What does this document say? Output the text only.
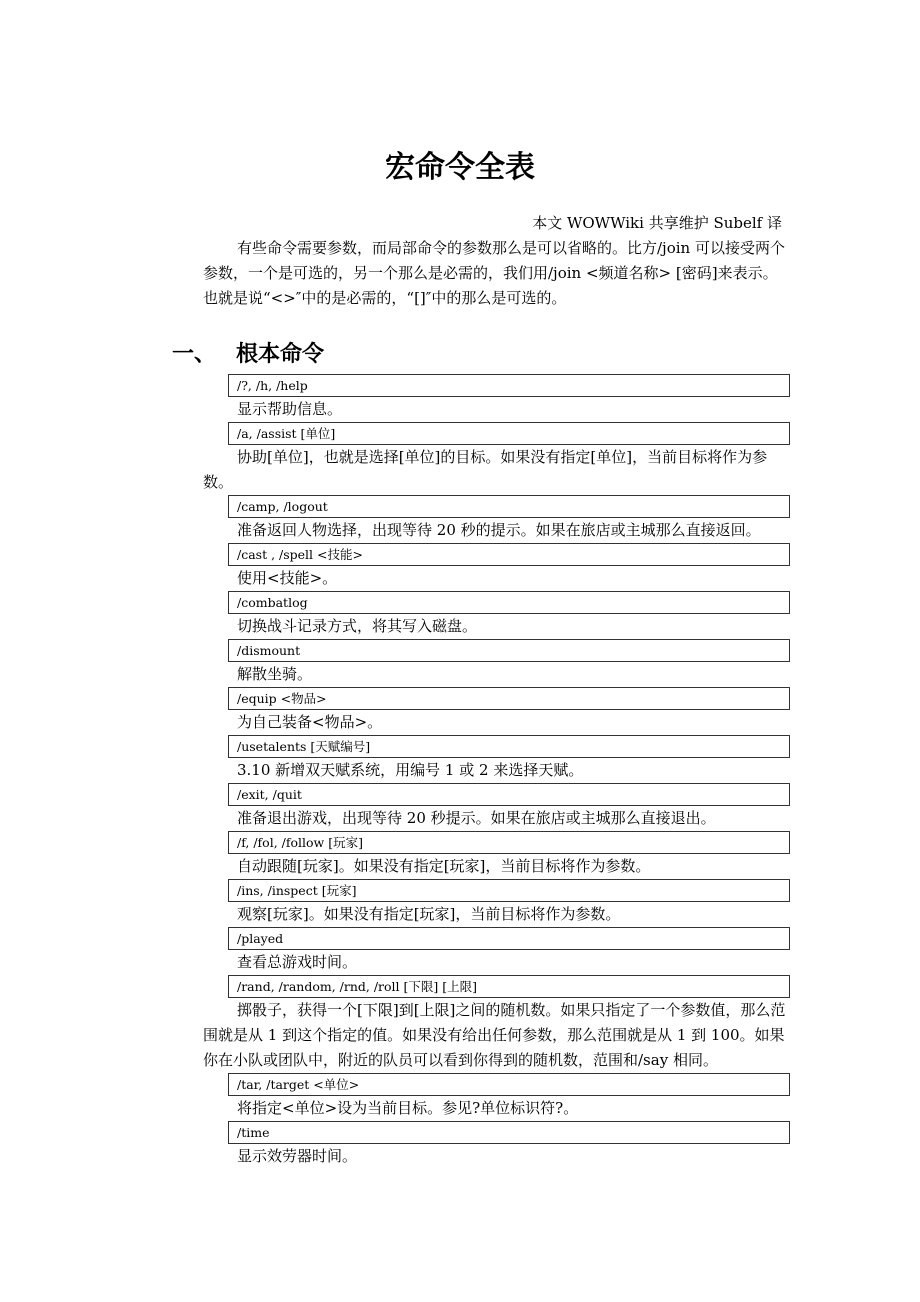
宏命令全表
本文 WOWWiki 共享维护 Subelf 译
有些命令需要参数，而局部命令的参数那么是可以省略的。比方/join 可以接受两个参数，一个是可选的，另一个那么是必需的，我们用/join <频道名称> [密码]来表示。也就是说“<>″中的是必需的，“[]″中的那么是可选的。
一、 根本命令
/?, /h, /help
显示帮助信息。
/a, /assist [单位]
协助[单位]，也就是选择[单位]的目标。如果没有指定[单位]，当前目标将作为参数。
/camp, /logout
准备返回人物选择，出现等待 20 秒的提示。如果在旅店或主城那么直接返回。
/cast , /spell <技能>
使用<技能>。
/combatlog
切换战斗记录方式，将其写入磁盘。
/dismount
解散坐骑。
/equip <物品>
为自己装备<物品>。
/usetalents [天赋编号]
3.10 新增双天赋系统，用编号 1 或 2 来选择天赋。
/exit, /quit
准备退出游戏，出现等待 20 秒提示。如果在旅店或主城那么直接退出。
/f, /fol, /follow [玩家]
自动跟随[玩家]。如果没有指定[玩家]，当前目标将作为参数。
/ins, /inspect [玩家]
观察[玩家]。如果没有指定[玩家]，当前目标将作为参数。
/played
查看总游戏时间。
/rand, /random, /rnd, /roll [下限] [上限]
掷骰子，获得一个[下限]到[上限]之间的随机数。如果只指定了一个参数值，那么范围就是从 1 到这个指定的值。如果没有给出任何参数，那么范围就是从 1 到 100。如果你在小队或团队中，附近的队员可以看到你得到的随机数，范围和/say 相同。
/tar, /target <单位>
将指定<单位>设为当前目标。参见?单位标识符?。
/time
显示效劳器时间。
